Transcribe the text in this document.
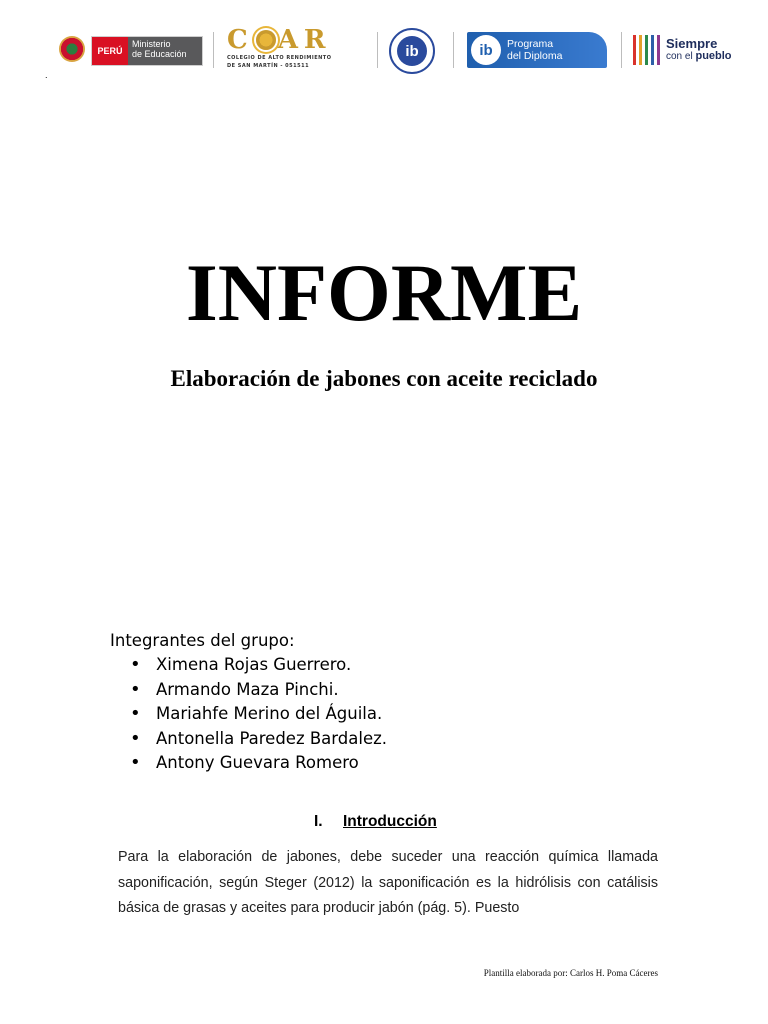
PERÚ
Ministerio
de Educación	C AR
COLEGIO DE ALTO RENDIMIENTO
DE SAN MARTÍN - 051511
ib	ib	Programa
del Diploma
Siempre
con el pueblo
.
INFORME
Elaboración de jabones con aceite reciclado
Integrantes del grupo:
• Ximena Rojas Guerrero.
• Armando Maza Pinchi.
• Mariahfe Merino del Águila.
• Antonella Paredez Bardalez.
• Antony Guevara Romero
I.	Introducción

Para la elaboración de jabones, debe suceder una reacción química llamada saponificación, según Steger (2012) la saponificación es la hidrólisis con catálisis básica de grasas y aceites para producir jabón (pág. 5). Puesto

Plantilla elaborada por: Carlos H. Poma Cáceres
